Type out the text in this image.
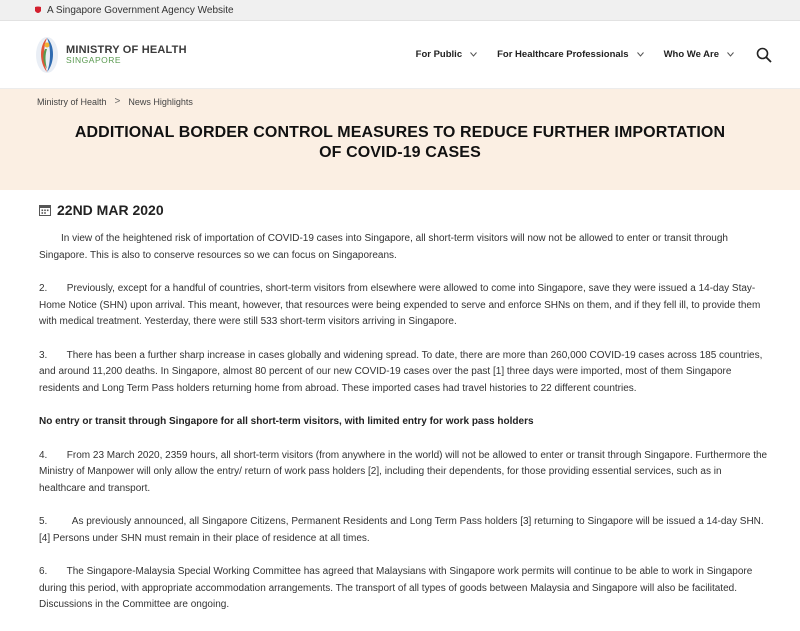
A Singapore Government Agency Website
MINISTRY OF HEALTH
SINGAPORE
For Public	For Healthcare Professionals	Who We Are
Ministry of Health > News Highlights
ADDITIONAL BORDER CONTROL MEASURES TO REDUCE FURTHER IMPORTATION
OF COVID-19 CASES
22ND MAR 2020

In view of the heightened risk of importation of COVID-19 cases into Singapore, all short-term visitors will now not be allowed to enter or transit through Singapore. This is also to conserve resources so we can focus on Singaporeans.

2.       Previously, except for a handful of countries, short-term visitors from elsewhere were allowed to come into Singapore, save they were issued a 14-day Stay-Home Notice (SHN) upon arrival. This meant, however, that resources were being expended to serve and enforce SHNs on them, and if they fell ill, to provide them with medical treatment. Yesterday, there were still 533 short-term visitors arriving in Singapore.

3.       There has been a further sharp increase in cases globally and widening spread. To date, there are more than 260,000 COVID-19 cases across 185 countries, and around 11,200 deaths. In Singapore, almost 80 percent of our new COVID-19 cases over the past [1] three days were imported, most of them Singapore residents and Long Term Pass holders returning home from abroad. These imported cases had travel histories to 22 different countries.

No entry or transit through Singapore for all short-term visitors, with limited entry for work pass holders

4.       From 23 March 2020, 2359 hours, all short-term visitors (from anywhere in the world) will not be allowed to enter or transit through Singapore. Furthermore the Ministry of Manpower will only allow the entry/ return of work pass holders [2], including their dependents, for those providing essential services, such as in healthcare and transport.

5.         As previously announced, all Singapore Citizens, Permanent Residents and Long Term Pass holders [3] returning to Singapore will be issued a 14-day SHN. [4] Persons under SHN must remain in their place of residence at all times.

6.       The Singapore-Malaysia Special Working Committee has agreed that Malaysians with Singapore work permits will continue to be able to work in Singapore during this period, with appropriate accommodation arrangements. The transport of all types of goods between Malaysia and Singapore will also be facilitated. Discussions in the Committee are ongoing.
